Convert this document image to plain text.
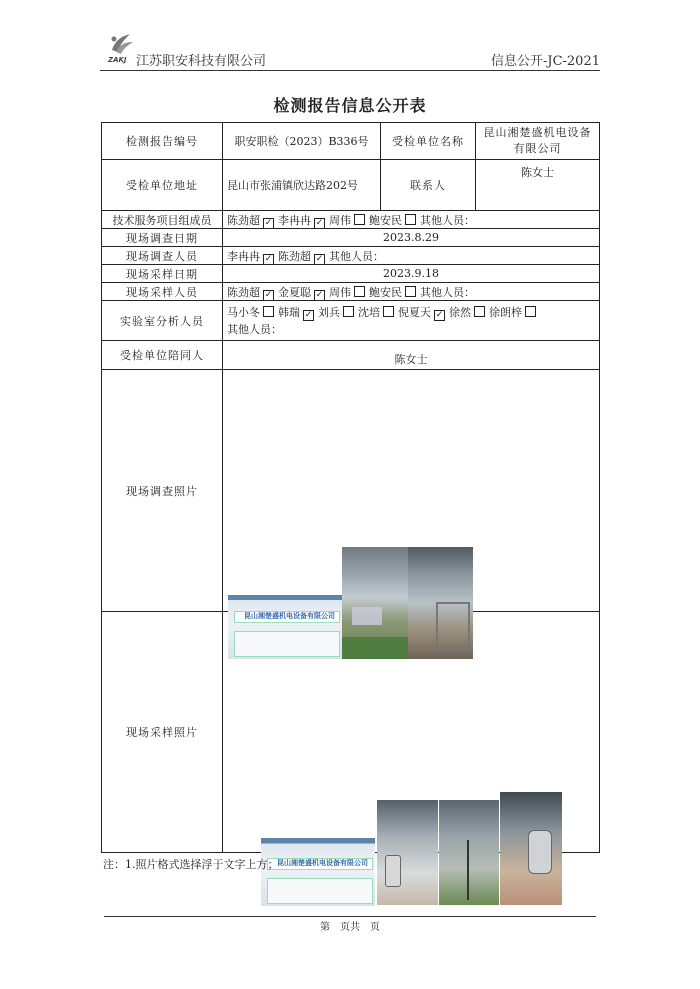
ZAKJ 江苏职安科技有限公司	信息公开-JC-2021
检测报告信息公开表
检测报告编号	职安职检（2023）B336号	受检单位名称	昆山湘楚盛机电设备有限公司
受检单位地址	昆山市张浦镇欣达路202号	联系人	陈女士
技术服务项目组成员	陈劲超 ✓ 李冉冉 ✓ 周伟 鲍安民 其他人员：		
现场调查日期	2023.8.29		
现场调查人员	李冉冉 ✓ 陈劲超 ✓ 其他人员：		
现场采样日期	2023.9.18		
现场采样人员	陈劲超 ✓ 金夏聪 ✓ 周伟 鲍安民 其他人员：		
实验室分析人员	马小冬 韩瑞 ✓ 刘兵 沈培 倪夏天 ✓ 徐然 徐朗梓
其他人员：		
受检单位陪同人	陈女士		
现场调查照片	昆山湘楚盛机电设备有限公司		

现场采样照片	昆山湘楚盛机电设备有限公司		
注：1.照片格式选择浮于文字上方；
第　页共　页
